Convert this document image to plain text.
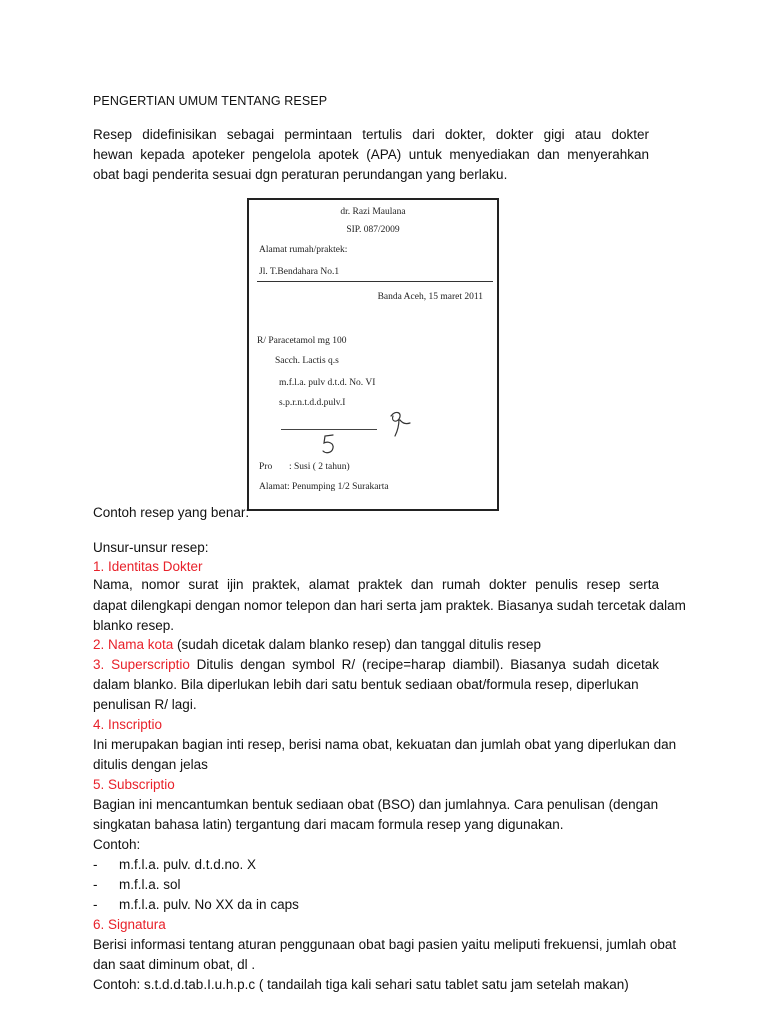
PENGERTIAN UMUM TENTANG RESEP
Resep didefinisikan sebagai permintaan tertulis dari dokter, dokter gigi atau dokter
hewan kepada apoteker pengelola apotek (APA) untuk menyediakan dan menyerahkan
obat bagi penderita sesuai dgn peraturan perundangan yang berlaku.
dr. Razi Maulana
SIP. 087/2009
Alamat rumah/praktek:
Jl. T.Bendahara No.1
Banda Aceh, 15 maret 2011
R/ Paracetamol mg 100
Sacch. Lactis q.s
m.f.l.a. pulv d.t.d. No. VI
s.p.r.n.t.d.d.pulv.I
Pro : Susi ( 2 tahun)
Alamat: Penumping 1/2 Surakarta
Contoh resep yang benar:
Unsur-unsur resep:
1. Identitas Dokter
Nama, nomor surat ijin praktek, alamat praktek dan rumah dokter penulis resep serta
dapat dilengkapi dengan nomor telepon dan hari serta jam praktek. Biasanya sudah tercetak dalam
blanko resep.
2. Nama kota (sudah dicetak dalam blanko resep) dan tanggal ditulis resep
3. Superscriptio Ditulis dengan symbol R/ (recipe=harap diambil). Biasanya sudah dicetak
dalam blanko. Bila diperlukan lebih dari satu bentuk sediaan obat/formula resep, diperlukan
penulisan R/ lagi.
4. Inscriptio
Ini merupakan bagian inti resep, berisi nama obat, kekuatan dan jumlah obat yang diperlukan dan
ditulis dengan jelas
5. Subscriptio
Bagian ini mencantumkan bentuk sediaan obat (BSO) dan jumlahnya. Cara penulisan (dengan
singkatan bahasa latin) tergantung dari macam formula resep yang digunakan.
Contoh:
- m.f.l.a. pulv. d.t.d.no. X
- m.f.l.a. sol
- m.f.l.a. pulv. No XX da in caps
6. Signatura
Berisi informasi tentang aturan penggunaan obat bagi pasien yaitu meliputi frekuensi, jumlah obat
dan saat diminum obat, dl .
Contoh: s.t.d.d.tab.I.u.h.p.c ( tandailah tiga kali sehari satu tablet satu jam setelah makan)
